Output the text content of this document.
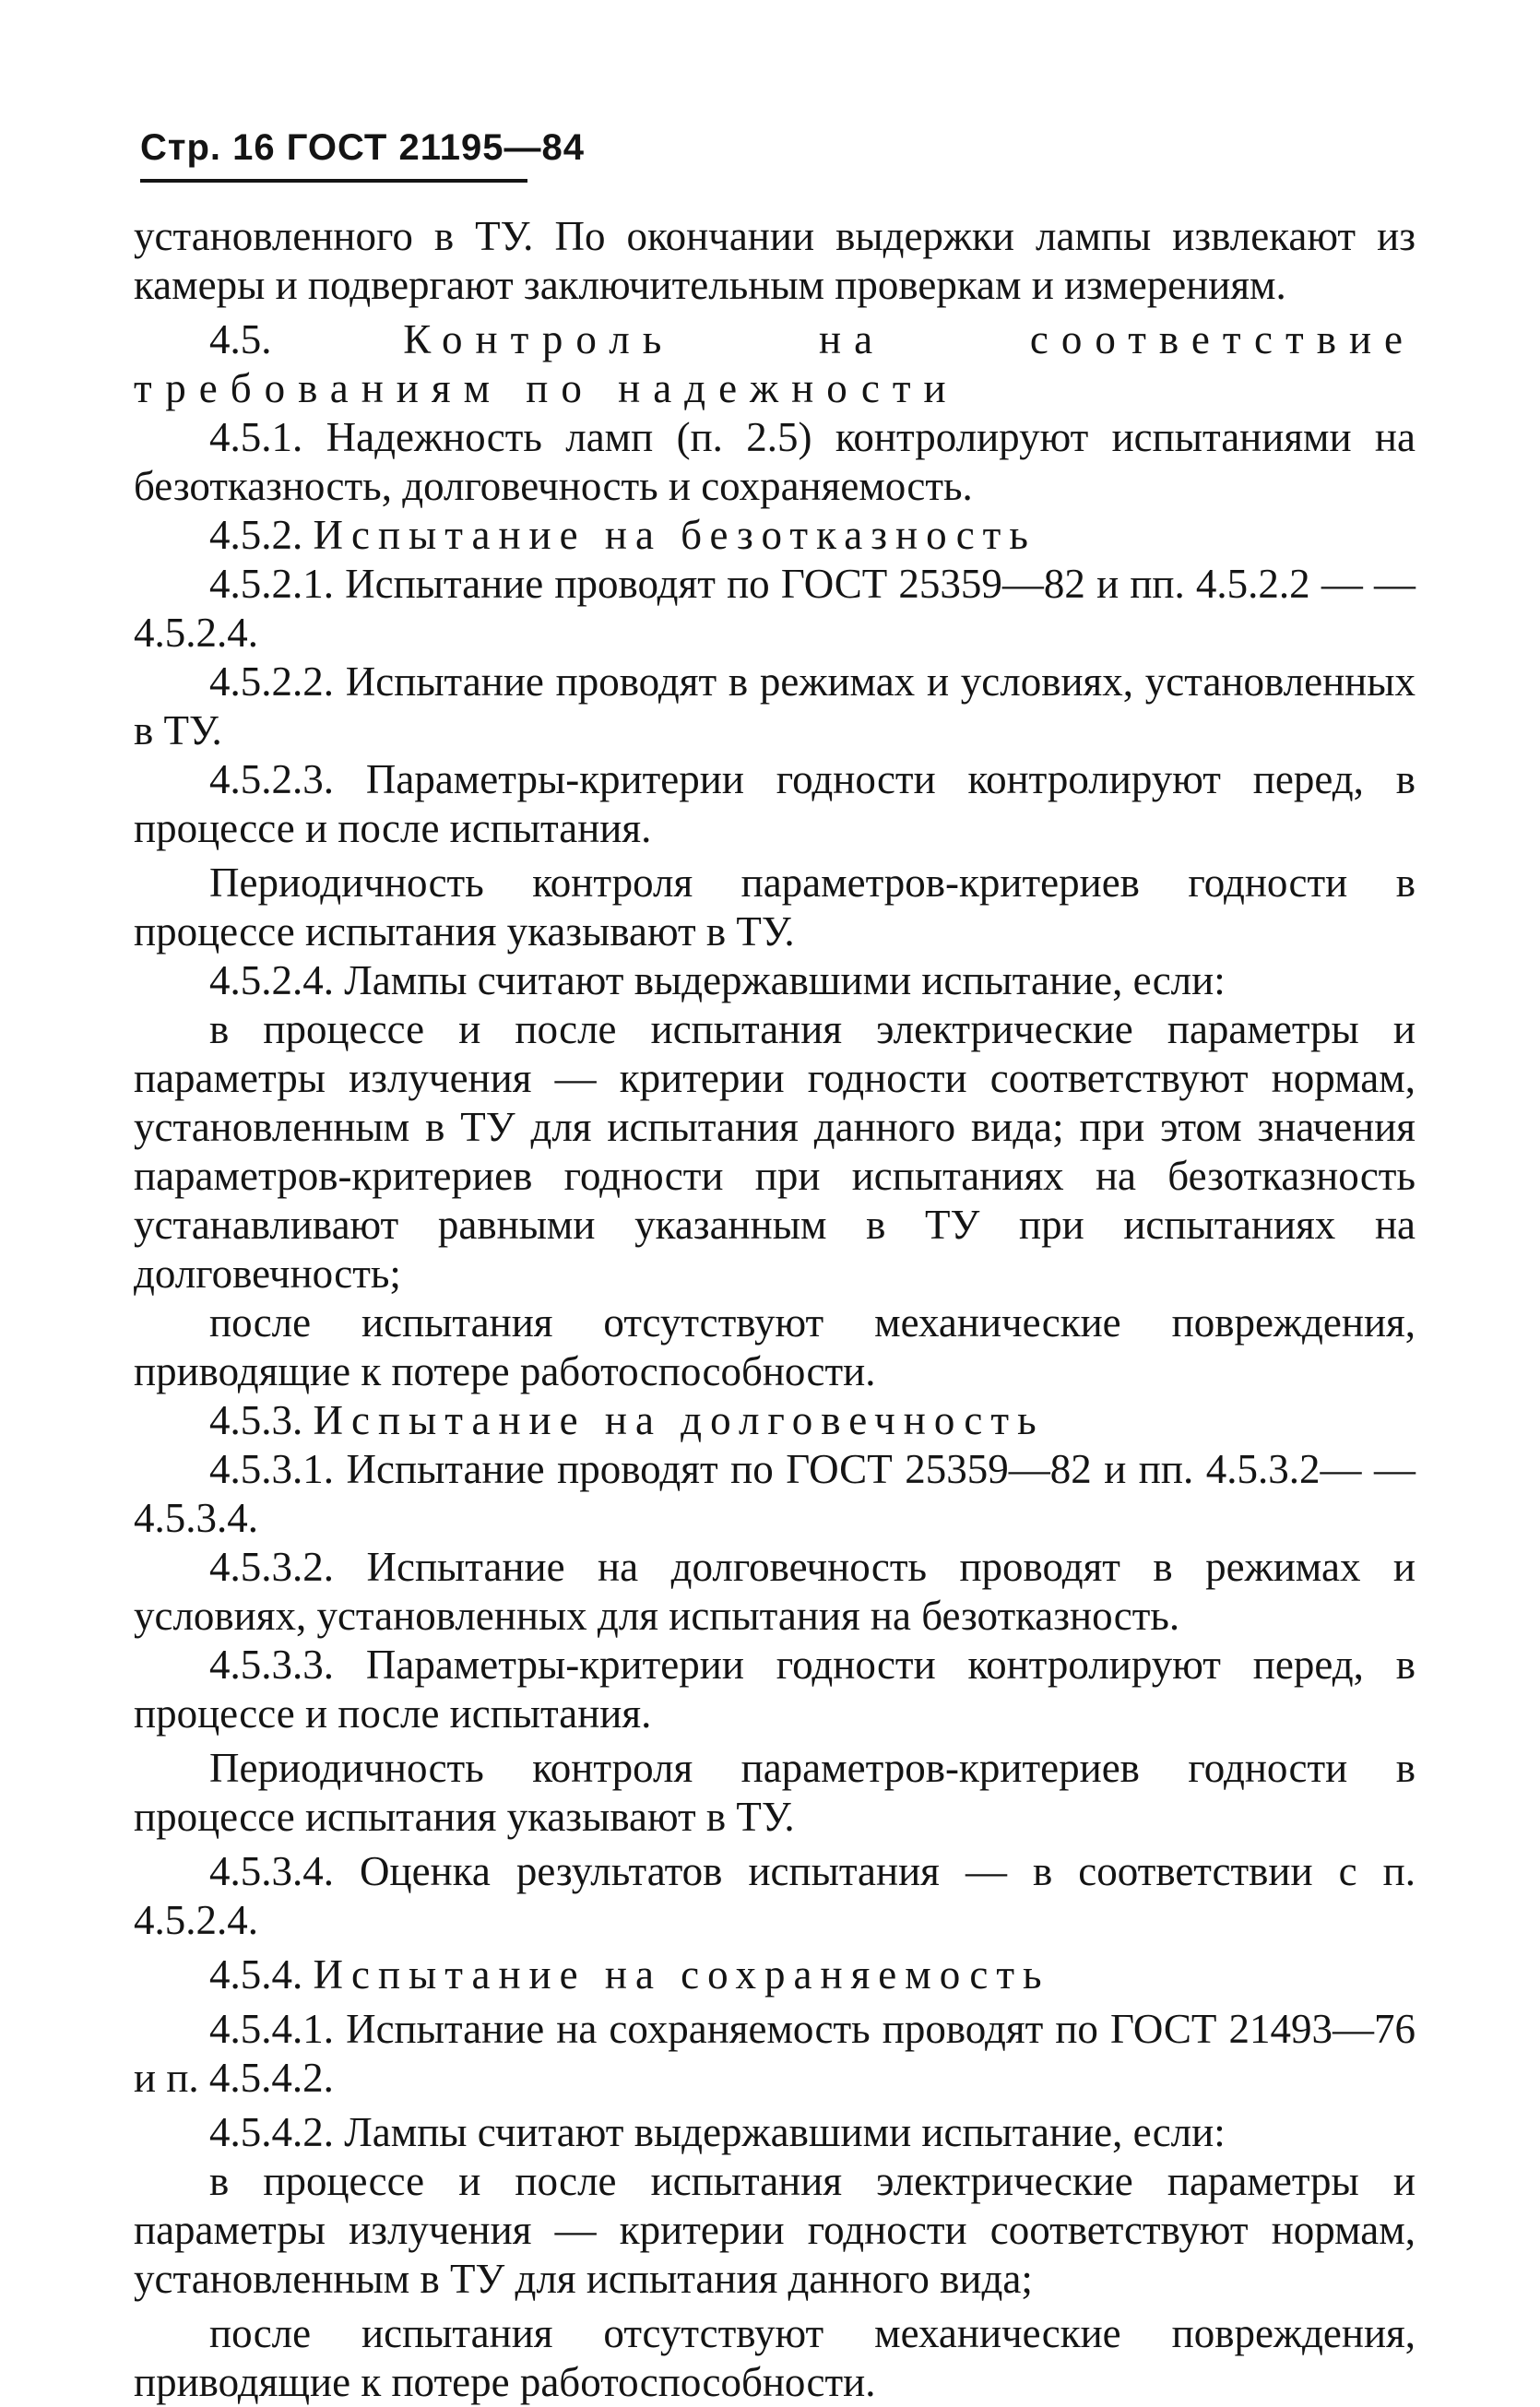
Стр. 16 ГОСТ 21195—84

установленного в ТУ. По окончании выдержки лампы извлекают из камеры и подвергают заключительным проверкам и измерениям.

4.5.	Контроль на соответствие требованиям по надежности

4.5.1. Надежность ламп (п. 2.5) контролируют испытаниями на безотказность, долговечность и сохраняемость.

4.5.2. Испытание на безотказность

4.5.2.1. Испытание проводят по ГОСТ 25359—82 и пп. 4.5.2.2 — —4.5.2.4.

4.5.2.2. Испытание проводят в режимах и условиях, установленных в ТУ.

4.5.2.3. Параметры-критерии годности контролируют перед, в процессе и после испытания.

Периодичность контроля параметров-критериев годности в процессе испытания указывают в ТУ.

4.5.2.4. Лампы считают выдержавшими испытание, если:

в процессе и после испытания электрические параметры и параметры излучения — критерии годности соответствуют нормам, установленным в ТУ для испытания данного вида; при этом значения параметров-критериев годности при испытаниях на безотказность устанавливают равными указанным в ТУ при испытаниях на долговечность;

после испытания отсутствуют механические повреждения, приводящие к потере работоспособности.

4.5.3. Испытание на долговечность

4.5.3.1. Испытание проводят по ГОСТ 25359—82 и пп. 4.5.3.2— —4.5.3.4.

4.5.3.2. Испытание на долговечность проводят в режимах и условиях, установленных для испытания на безотказность.

4.5.3.3. Параметры-критерии годности контролируют перед, в процессе и после испытания.

Периодичность контроля параметров-критериев годности в процессе испытания указывают в ТУ.

4.5.3.4. Оценка результатов испытания — в соответствии с п. 4.5.2.4.

4.5.4. Испытание на сохраняемость

4.5.4.1. Испытание на сохраняемость проводят по ГОСТ 21493—76 и п. 4.5.4.2.

4.5.4.2. Лампы считают выдержавшими испытание, если:

в процессе и после испытания электрические параметры и параметры излучения — критерии годности соответствуют нормам, установленным в ТУ для испытания данного вида;

после испытания отсутствуют механические повреждения, приводящие к потере работоспособности.
